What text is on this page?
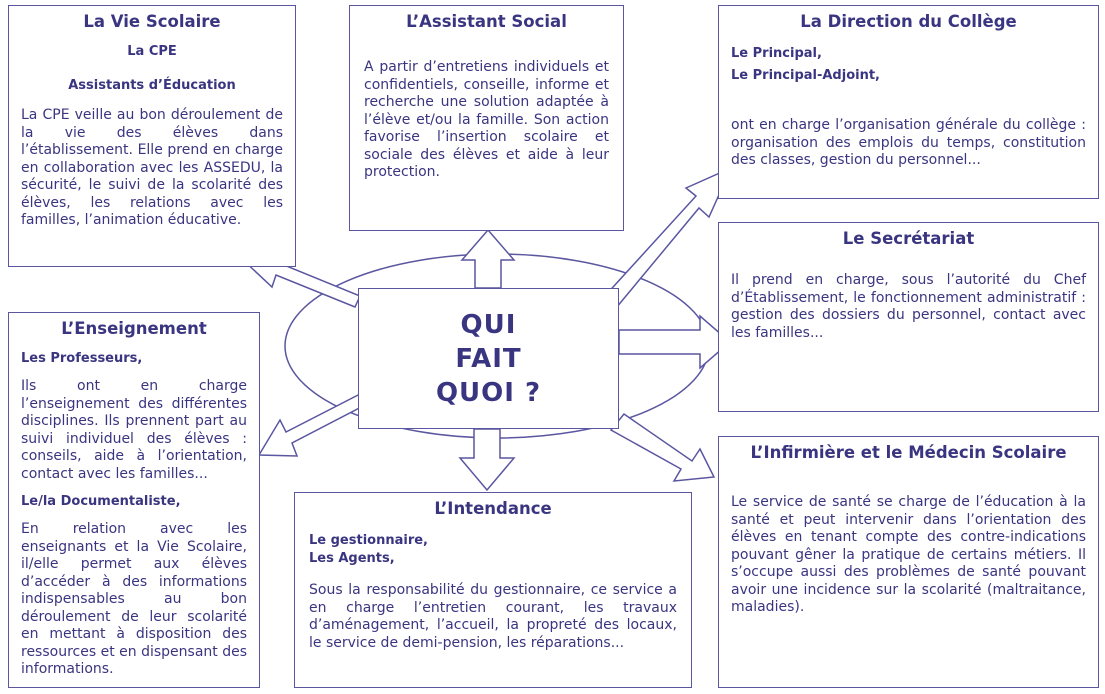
La Vie Scolaire

La CPE

Assistants d’Éducation

La CPE veille au bon déroulement de la vie des élèves dans l’établissement. Elle prend en charge en collaboration avec les ASSEDU, la sécurité, le suivi de la scolarité des élèves, les relations avec les familles, l’animation éducative.

L’Assistant Social

A partir d’entretiens individuels et confidentiels, conseille, informe et recherche une solution adaptée à l’élève et/ou la famille. Son action favorise l’insertion scolaire et sociale des élèves et aide à leur protection.

La Direction du Collège

Le Principal,

Le Principal-Adjoint,

ont en charge l’organisation générale du collège : organisation des emplois du temps, constitution des classes, gestion du personnel...

Le Secrétariat

Il prend en charge, sous l’autorité du Chef d’Établissement, le fonctionnement administratif : gestion des dossiers du personnel, contact avec les familles...

L’Enseignement

Les Professeurs,

Ils ont en charge l’enseignement des différentes disciplines. Ils prennent part au suivi individuel des élèves : conseils, aide à l’orientation, contact avec les familles...

Le/la Documentaliste,

En relation avec les enseignants et la Vie Scolaire, il/elle permet aux élèves d’accéder à des informations indispensables au bon déroulement de leur scolarité en mettant à disposition des ressources et en dispensant des informations.

L’Intendance

Le gestionnaire,

Les Agents,

Sous la responsabilité du gestionnaire, ce service a en charge l’entretien courant, les travaux d’aménagement, l’accueil, la propreté des locaux, le service de demi-pension, les réparations...

L’Infirmière et le Médecin Scolaire

Le service de santé se charge de l’éducation à la santé et peut intervenir dans l’orientation des élèves en tenant compte des contre-indications pouvant gêner la pratique de certains métiers. Il s’occupe aussi des problèmes de santé pouvant avoir une incidence sur la scolarité (maltraitance, maladies).

QUI
FAIT
QUOI ?
